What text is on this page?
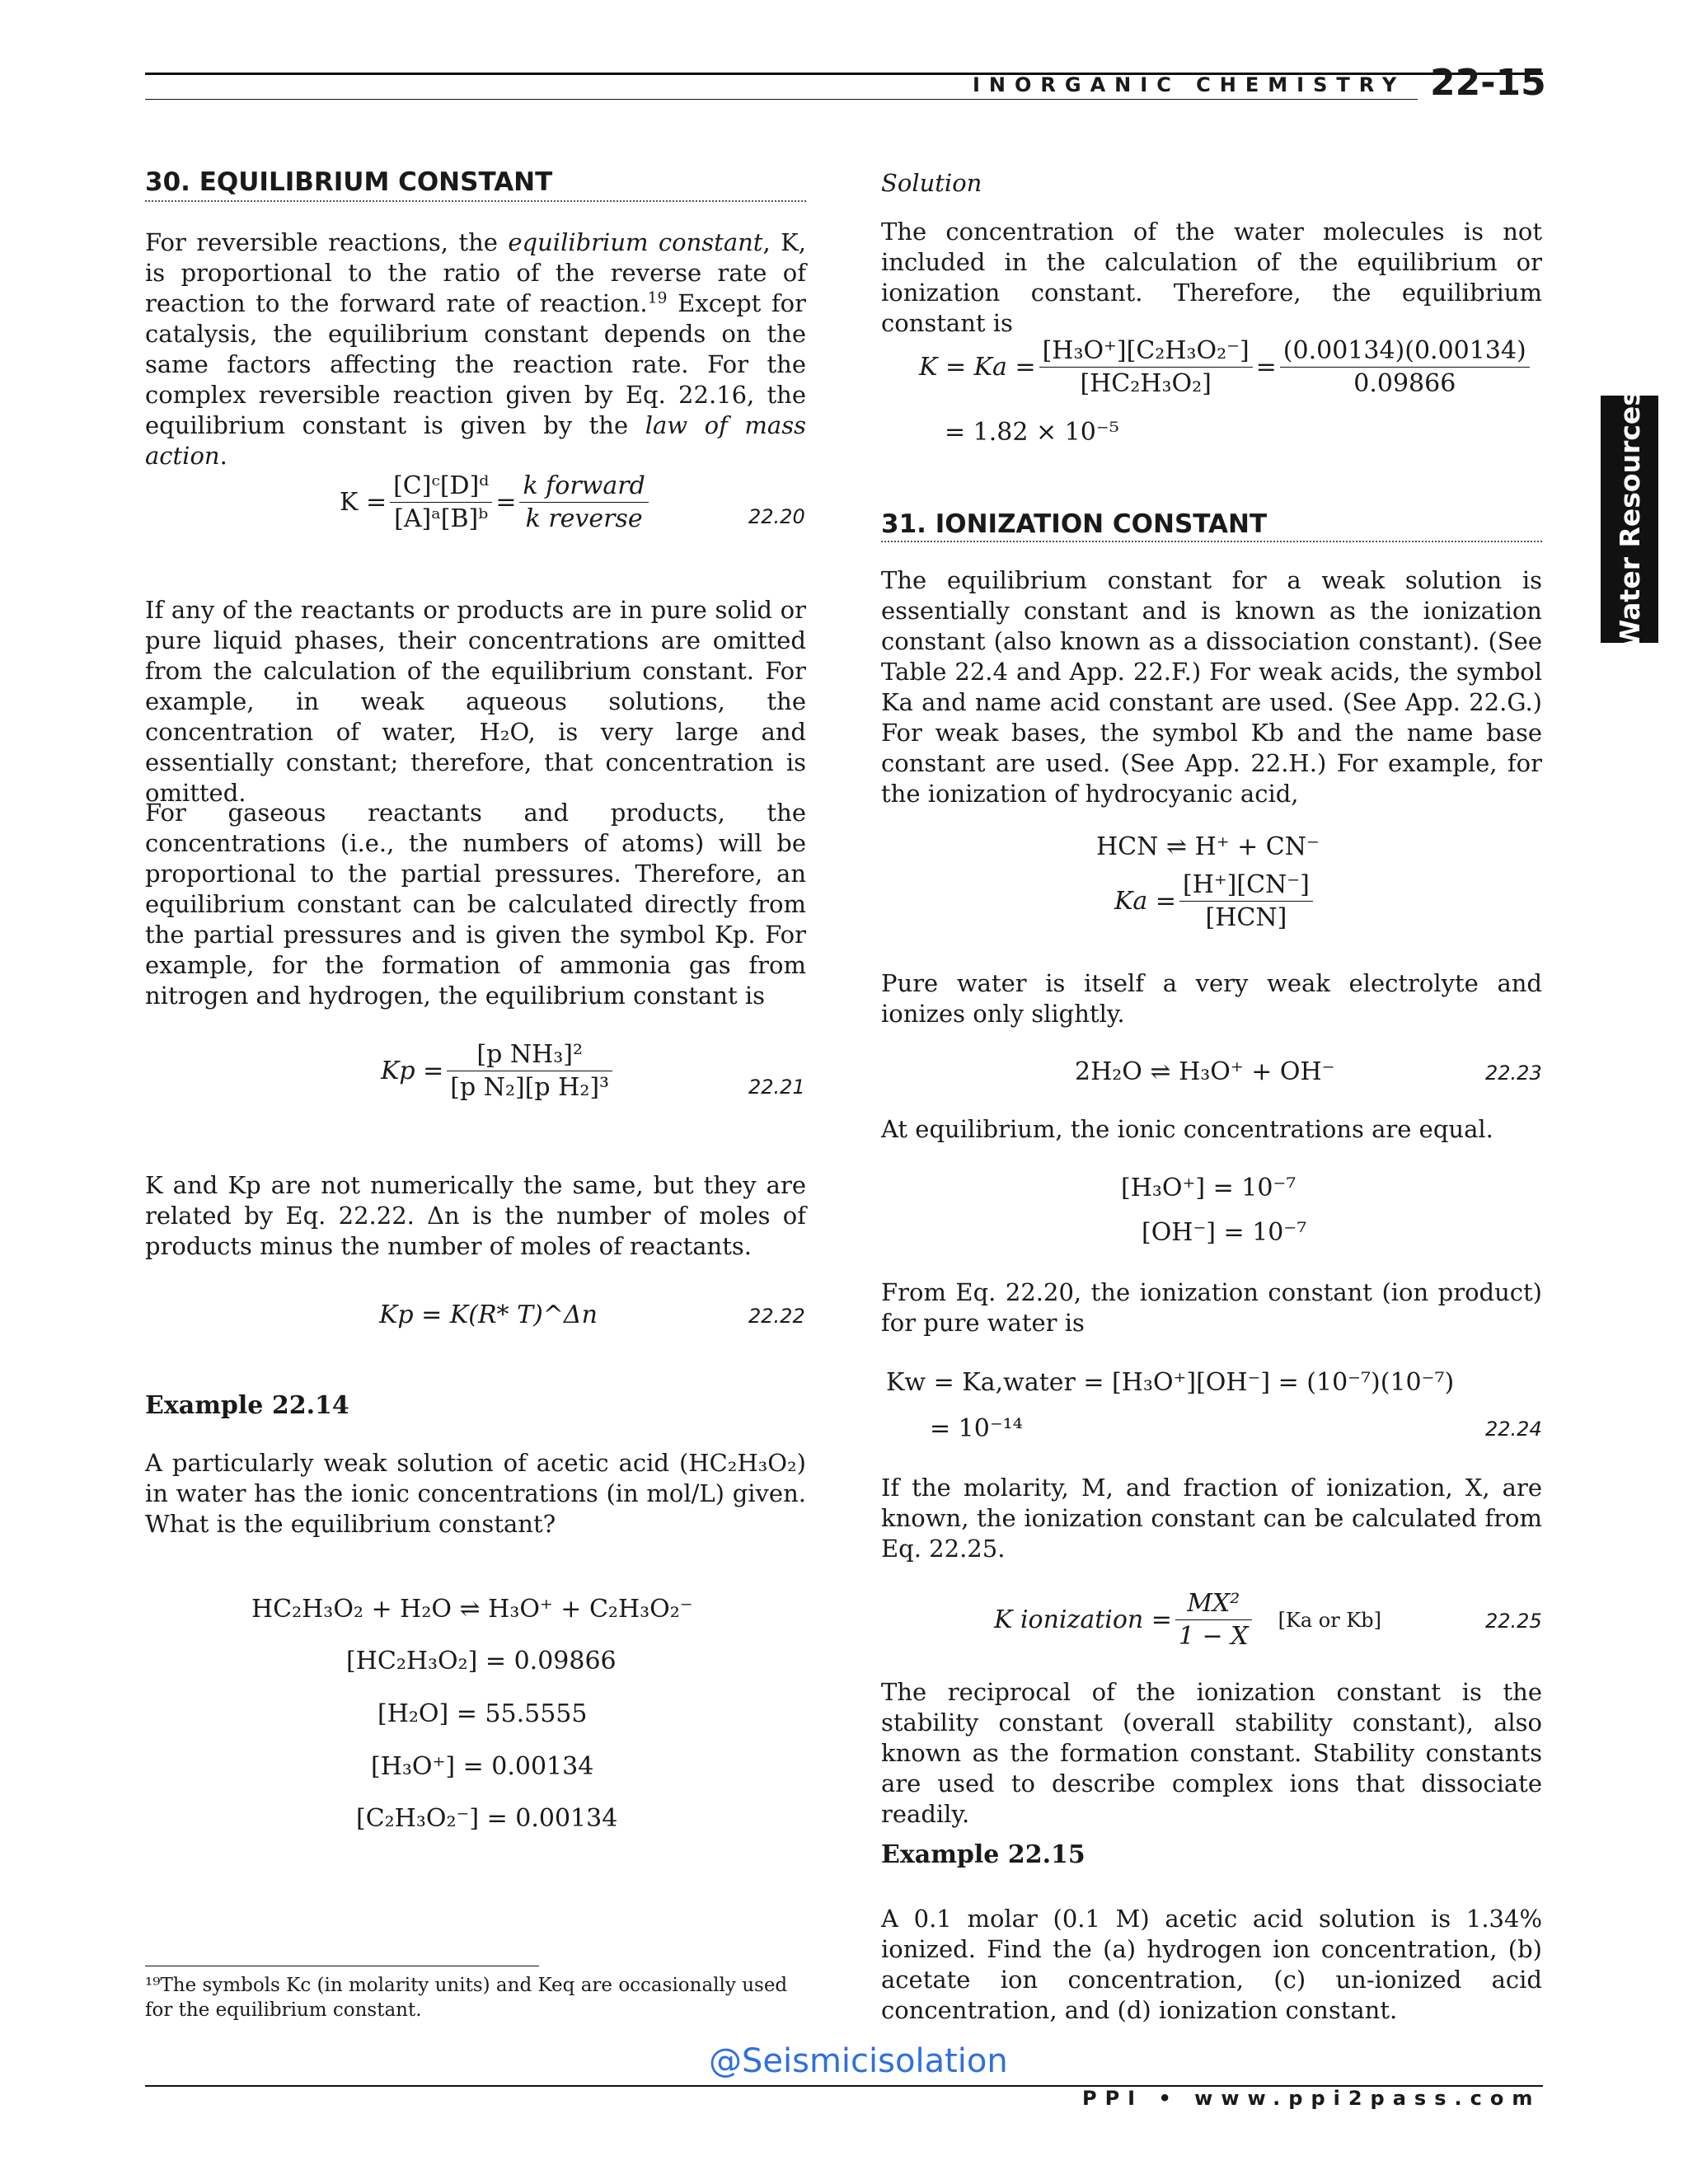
INORGANIC CHEMISTRY 22-15
Water Resources
30. EQUILIBRIUM CONSTANT

For reversible reactions, the equilibrium constant, K, is proportional to the ratio of the reverse rate of reaction to the forward rate of reaction.$^{19}$ Except for catalysis, the equilibrium constant depends on the same factors affecting the reaction rate. For the complex reversible reaction given by Eq. 22.16, the equilibrium constant is given by the law of mass action.

$K = \frac{\text{[C]ᶜ[D]ᵈ}}{\text{[A]ᵃ[B]ᵇ}} = \frac{\text{k forward}}{\text{k reverse}}$	22.20
If any of the reactants or products are in pure solid or pure liquid phases, their concentrations are omitted from the calculation of the equilibrium constant. For example, in weak aqueous solutions, the concentration of water, H₂O, is very large and essentially constant; therefore, that concentration is omitted.
For gaseous reactants and products, the concentrations (i.e., the numbers of atoms) will be proportional to the partial pressures. Therefore, an equilibrium constant can be calculated directly from the partial pressures and is given the symbol Kp. For example, for the formation of ammonia gas from nitrogen and hydrogen, the equilibrium constant is
$Kp = \frac{\text{[p NH₃]²}}{\text{[p N₂][p H₂]³}}$	22.21
K and Kp are not numerically the same, but they are related by Eq. 22.22. Δn is the number of moles of products minus the number of moles of reactants.
Kp = K(R* T)^Δn	22.22
Example 22.14
A particularly weak solution of acetic acid (HC₂H₃O₂) in water has the ionic concentrations (in mol/L) given. What is the equilibrium constant?
HC₂H₃O₂ + H₂O ⇌ H₃O⁺ + C₂H₃O₂⁻
[HC₂H₃O₂] = 0.09866
[H₂O] = 55.5555
[H₃O⁺] = 0.00134
[C₂H₃O₂⁻] = 0.00134
¹⁹The symbols Kc (in molarity units) and Keq are occasionally used for the equilibrium constant.
Solution
The concentration of the water molecules is not included in the calculation of the equilibrium or ionization constant. Therefore, the equilibrium constant is
$K = Ka = \frac{\text{[H₃O⁺][C₂H₃O₂⁻]}}{\text{[HC₂H₃O₂]}} = \frac{(0.00134)(0.00134)}{0.09866}$
= 1.82 × 10⁻⁵
31. IONIZATION CONSTANT
The equilibrium constant for a weak solution is essentially constant and is known as the ionization constant (also known as a dissociation constant). (See Table 22.4 and App. 22.F.) For weak acids, the symbol Ka and name acid constant are used. (See App. 22.G.) For weak bases, the symbol Kb and the name base constant are used. (See App. 22.H.) For example, for the ionization of hydrocyanic acid,
HCN ⇌ H⁺ + CN⁻
$Ka = \frac{[H^+][CN^-]}{\text{[HCN]}}$
Pure water is itself a very weak electrolyte and ionizes only slightly.
2H₂O ⇌ H₃O⁺ + OH⁻	22.23
At equilibrium, the ionic concentrations are equal.
[H₃O⁺] = 10⁻⁷
[OH⁻] = 10⁻⁷
From Eq. 22.20, the ionization constant (ion product) for pure water is
Kw = Ka,water = [H₃O⁺][OH⁻] = (10⁻⁷)(10⁻⁷)
= 10⁻¹⁴	22.24
If the molarity, M, and fraction of ionization, X, are known, the ionization constant can be calculated from Eq. 22.25.
K ionization = $\frac{\text{MX²}}{1 - X} [Ka$ or Kb]	22.25
The reciprocal of the ionization constant is the stability constant (overall stability constant), also known as the formation constant. Stability constants are used to describe complex ions that dissociate readily.
Example 22.15
A 0.1 molar (0.1 M) acetic acid solution is 1.34% ionized. Find the (a) hydrogen ion concentration, (b) acetate ion concentration, (c) un-ionized acid concentration, and (d) ionization constant.
@Seismicisolation
PPI • www.ppi2pass.com
